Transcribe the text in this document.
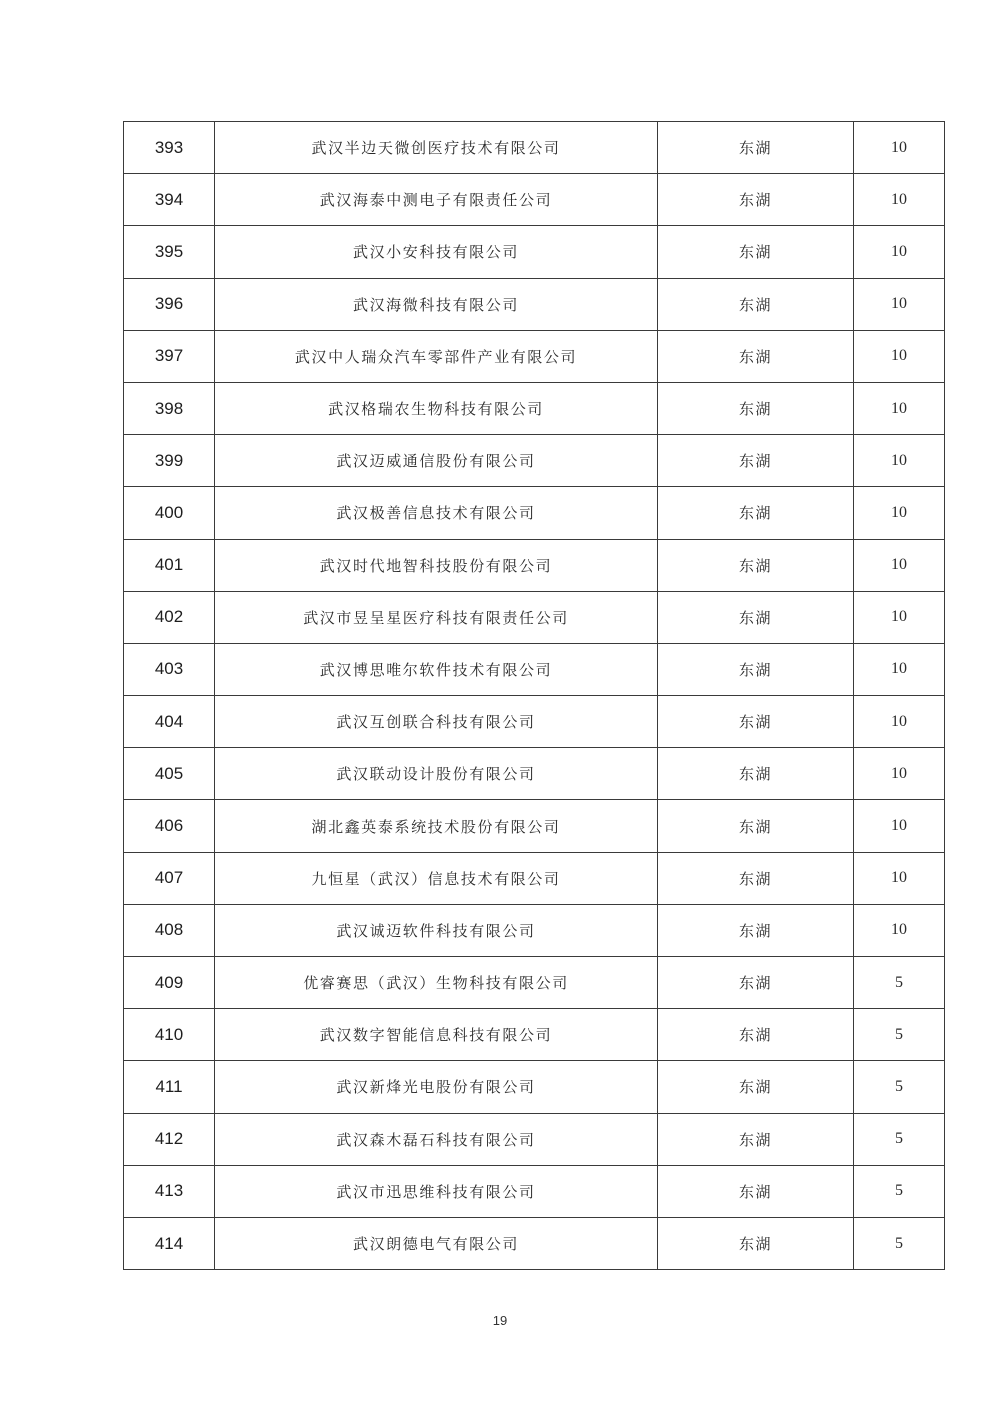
393	武汉半边天微创医疗技术有限公司	东湖	10
394	武汉海泰中测电子有限责任公司	东湖	10
395	武汉小安科技有限公司	东湖	10
396	武汉海微科技有限公司	东湖	10
397	武汉中人瑞众汽车零部件产业有限公司	东湖	10
398	武汉格瑞农生物科技有限公司	东湖	10
399	武汉迈威通信股份有限公司	东湖	10
400	武汉极善信息技术有限公司	东湖	10
401	武汉时代地智科技股份有限公司	东湖	10
402	武汉市昱呈星医疗科技有限责任公司	东湖	10
403	武汉博思唯尔软件技术有限公司	东湖	10
404	武汉互创联合科技有限公司	东湖	10
405	武汉联动设计股份有限公司	东湖	10
406	湖北鑫英泰系统技术股份有限公司	东湖	10
407	九恒星（武汉）信息技术有限公司	东湖	10
408	武汉诚迈软件科技有限公司	东湖	10
409	优睿赛思（武汉）生物科技有限公司	东湖	5
410	武汉数字智能信息科技有限公司	东湖	5
411	武汉新烽光电股份有限公司	东湖	5
412	武汉森木磊石科技有限公司	东湖	5
413	武汉市迅思维科技有限公司	东湖	5
414	武汉朗德电气有限公司	东湖	5
19
